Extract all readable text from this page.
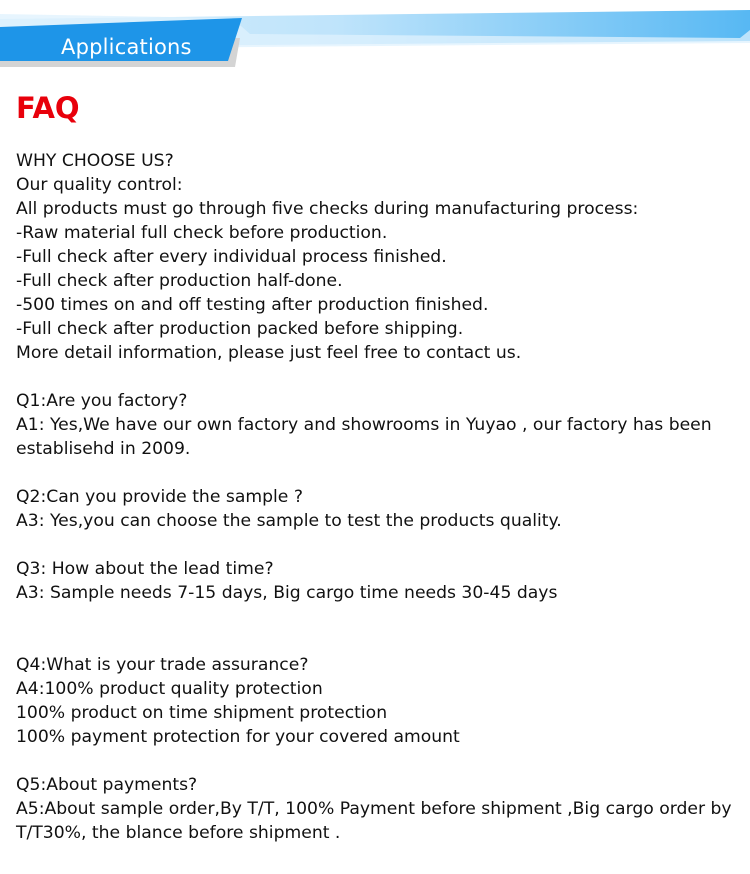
Applications
FAQ
WHY CHOOSE US?
Our quality control:
All products must go through five checks during manufacturing process:
-Raw material full check before production.
-Full check after every individual process finished.
-Full check after production half-done.
-500 times on and off testing after production finished.
-Full check after production packed before shipping.
More detail information, please just feel free to contact us.
Q1:Are you factory?
A1: Yes,We have our own factory and showrooms in Yuyao , our factory has been establisehd in 2009.
Q2:Can you provide the sample ?
A3: Yes,you can choose the sample to test the products quality.
Q3: How about the lead time?
A3: Sample needs 7-15 days, Big cargo time needs 30-45 days
Q4:What is your trade assurance?
A4:100% product quality protection
100% product on time shipment protection
100% payment protection for your covered amount
Q5:About payments?
A5:About sample order,By T/T, 100% Payment before shipment ,Big cargo order by T/T30%, the blance before shipment .
